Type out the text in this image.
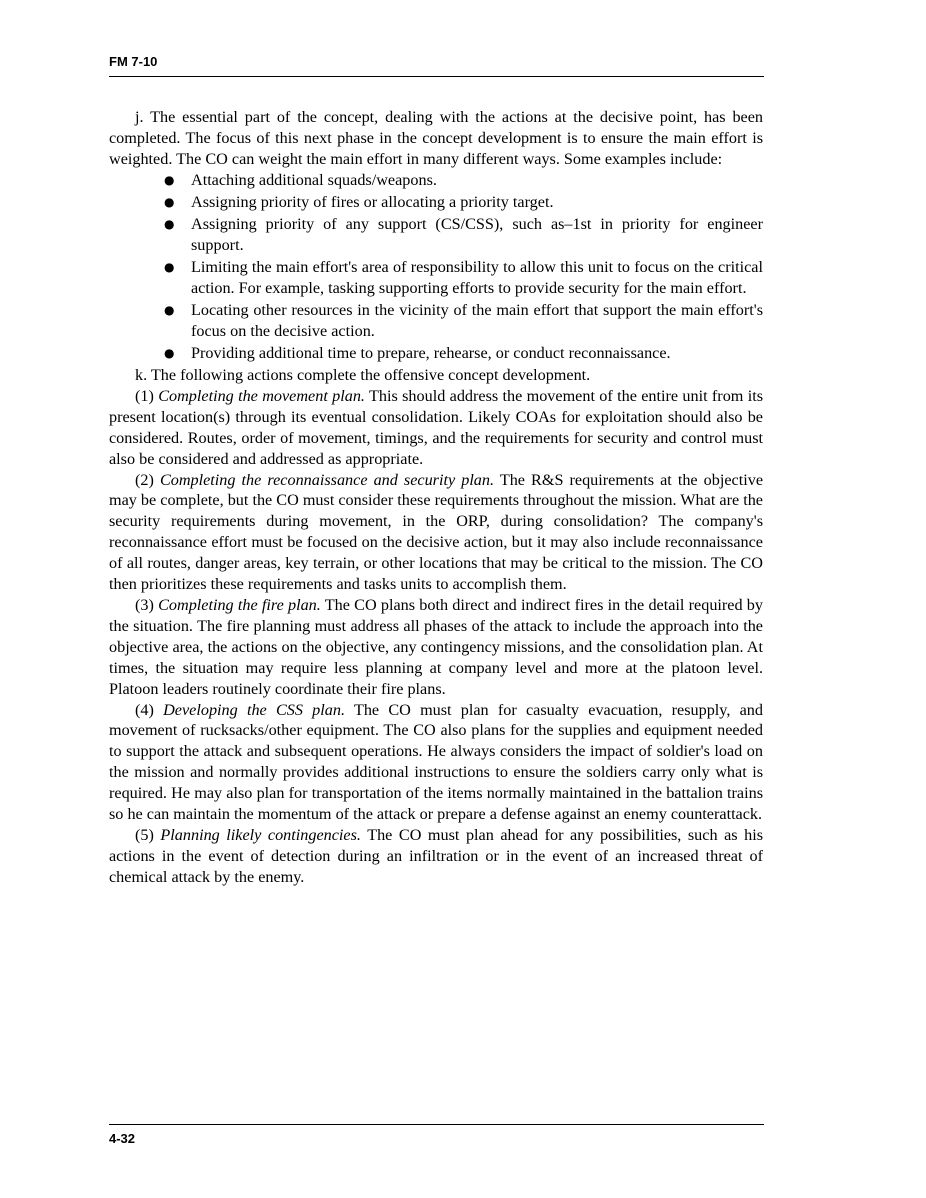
FM 7-10

j. The essential part of the concept, dealing with the actions at the decisive point, has been completed. The focus of this next phase in the concept development is to ensure the main effort is weighted. The CO can weight the main effort in many different ways. Some examples include:

● Attaching additional squads/weapons.
● Assigning priority of fires or allocating a priority target.
● Assigning priority of any support (CS/CSS), such as–1st in priority for engineer support.
● Limiting the main effort's area of responsibility to allow this unit to focus on the critical action. For example, tasking supporting efforts to provide security for the main effort.
● Locating other resources in the vicinity of the main effort that support the main effort's focus on the decisive action.
● Providing additional time to prepare, rehearse, or conduct reconnaissance.

k. The following actions complete the offensive concept development.

(1) Completing the movement plan. This should address the movement of the entire unit from its present location(s) through its eventual consolidation. Likely COAs for exploitation should also be considered. Routes, order of movement, timings, and the requirements for security and control must also be considered and addressed as appropriate.

(2) Completing the reconnaissance and security plan. The R&S requirements at the objective may be complete, but the CO must consider these requirements throughout the mission. What are the security requirements during movement, in the ORP, during consolidation? The company's reconnaissance effort must be focused on the decisive action, but it may also include reconnaissance of all routes, danger areas, key terrain, or other locations that may be critical to the mission. The CO then prioritizes these requirements and tasks units to accomplish them.

(3) Completing the fire plan. The CO plans both direct and indirect fires in the detail required by the situation. The fire planning must address all phases of the attack to include the approach into the objective area, the actions on the objective, any contingency missions, and the consolidation plan. At times, the situation may require less planning at company level and more at the platoon level. Platoon leaders routinely coordinate their fire plans.

(4) Developing the CSS plan. The CO must plan for casualty evacuation, resupply, and movement of rucksacks/other equipment. The CO also plans for the supplies and equipment needed to support the attack and subsequent operations. He always considers the impact of soldier's load on the mission and normally provides additional instructions to ensure the soldiers carry only what is required. He may also plan for transportation of the items normally maintained in the battalion trains so he can maintain the momentum of the attack or prepare a defense against an enemy counterattack.

(5) Planning likely contingencies. The CO must plan ahead for any possibilities, such as his actions in the event of detection during an infiltration or in the event of an increased threat of chemical attack by the enemy.

4-32
